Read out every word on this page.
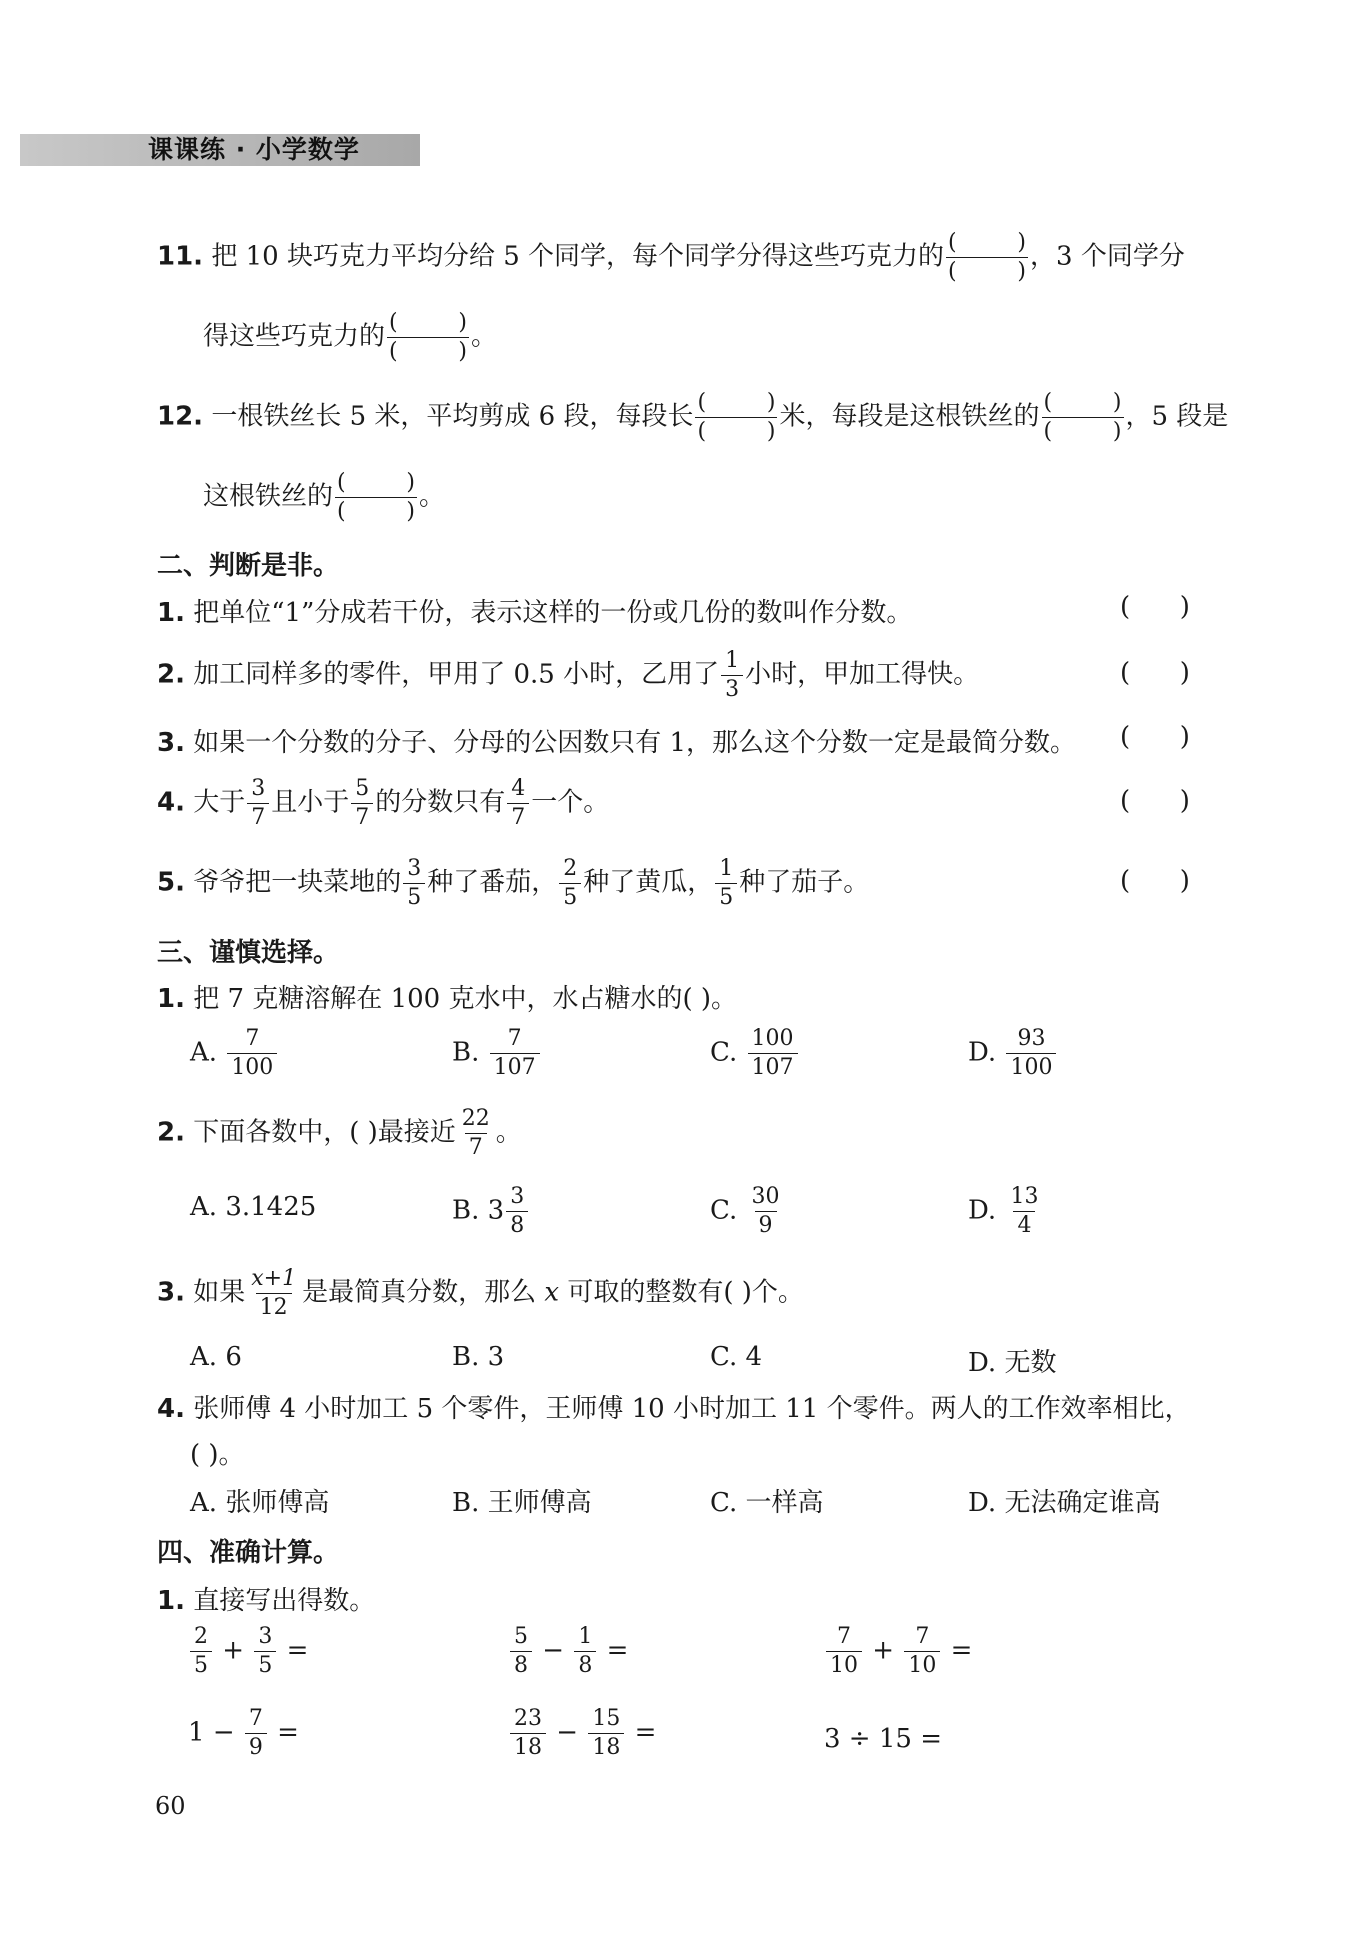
课课练 · 小学数学
11. 把 10 块巧克力平均分给 5 个同学，每个同学分得这些巧克力的 (	)
(	) ，3 个同学分
得这些巧克力的 (	)
(	) 。
12. 一根铁丝长 5 米，平均剪成 6 段，每段长 (	)
(	) 米，每段是这根铁丝的 (	)
(	) ，5 段是
这根铁丝的 (	)
(	) 。
二、判断是非。
1. 把单位“1”分成若干份，表示这样的一份或几份的数叫作分数。	(      )
2. 加工同样多的零件，甲用了 0.5 小时，乙用了 $\frac{1}{3}$ 小时，甲加工得快。	(      )
3. 如果一个分数的分子、分母的公因数只有 1，那么这个分数一定是最简分数。 (      )
4. 大于 $\frac{3}{7}$ 且小于 $\frac{5}{7}$ 的分数只有 $\frac{4}{7}$ 一个。	(      )
5. 爷爷把一块菜地的 $\frac{3}{5}$ 种了番茄， $\frac{2}{5}$ 种了黄瓜， $\frac{1}{5}$ 种了茄子。	(      )
三、谨慎选择。
1. 把 7 克糖溶解在 100 克水中，水占糖水的( )。
A. $\frac{7}{100}$	B. $\frac{7}{107}$	C. $\frac{100}{107}$	D. $\frac{93}{100}$
2. 下面各数中，( )最接近 $\frac{22}{7}$ 。
A. 3.1425	B. $3 \frac{3}{8}$	C. $\frac{30}{9}$	D. $\frac{13}{4}$
3. 如果 $\frac{x+1}{12}$ 是最简真分数，那么 x 可取的整数有( )个。
A. 6	B. 3	C. 4	D. 无数
4. 张师傅 4 小时加工 5 个零件，王师傅 10 小时加工 11 个零件。两人的工作效率相比，
( )。
A. 张师傅高	B. 王师傅高	C. 一样高	D. 无法确定谁高
四、准确计算。
1. 直接写出得数。
$\frac{2}{5} + \frac{3}{5}$ =	$\frac{5}{8} - \frac{1}{8}$ =	$\frac{7}{10} + \frac{7}{10}$ =
$1 - \frac{7}{9}$ =	$\frac{23}{18} - \frac{15}{18}$ =	3 ÷ 15 =
60
